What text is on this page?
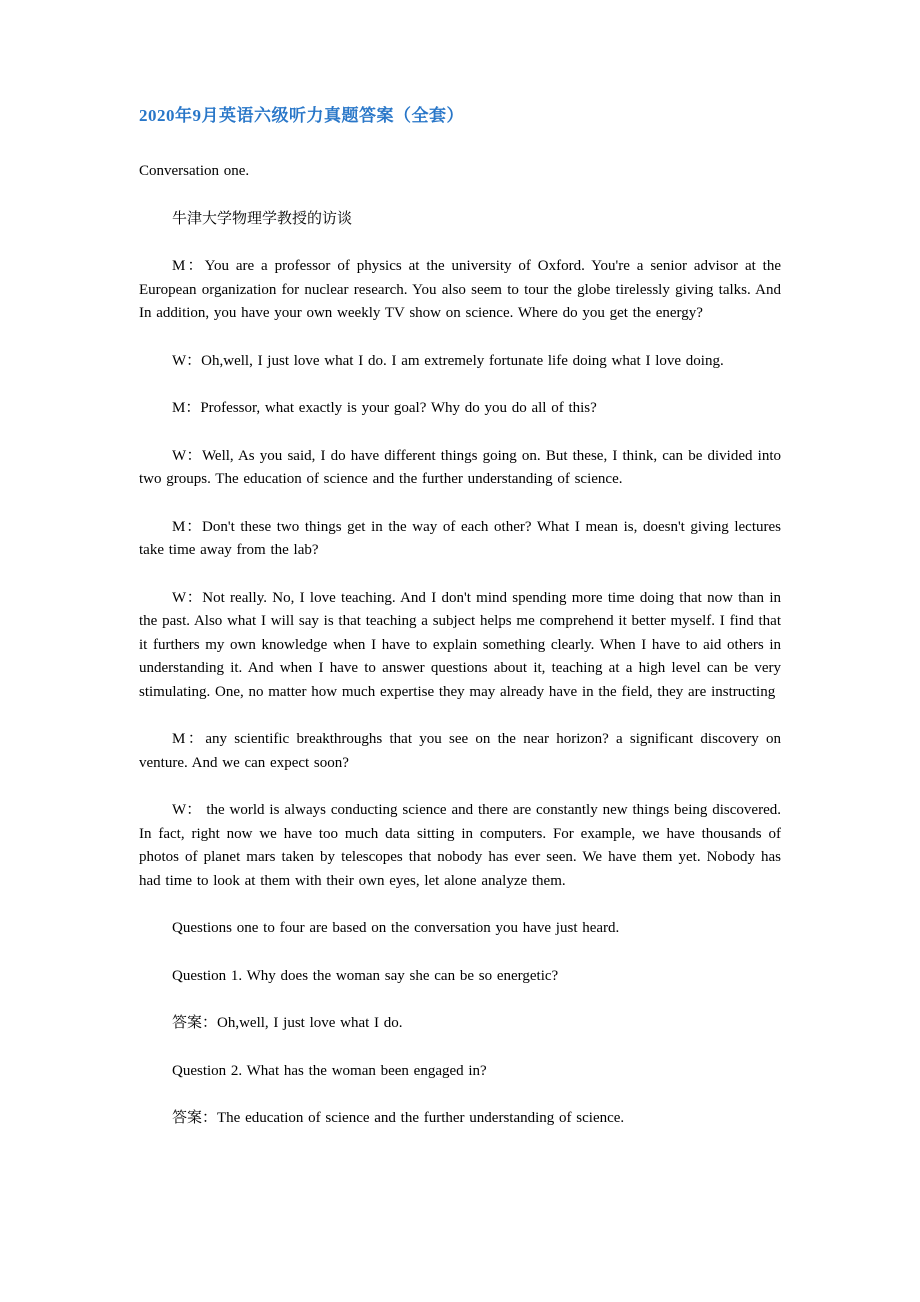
2020年9月英语六级听力真题答案（全套）

Conversation one.

牛津大学物理学教授的访谈

M：You are a professor of physics at the university of Oxford. You're a senior advisor at the European organization for nuclear research. You also seem to tour the globe tirelessly giving talks. And In addition, you have your own weekly TV show on science. Where do you get the energy?

W：Oh,well, I just love what I do. I am extremely fortunate life doing what I love doing.

M：Professor, what exactly is your goal? Why do you do all of this?

W：Well, As you said, I do have different things going on. But these, I think, can be divided into two groups. The education of science and the further understanding of science.

M：Don't these two things get in the way of each other? What I mean is, doesn't giving lectures take time away from the lab?

W：Not really. No, I love teaching. And I don't mind spending more time doing that now than in the past. Also what I will say is that teaching a subject helps me comprehend it better myself. I find that it furthers my own knowledge when I have to explain something clearly. When I have to aid others in understanding it. And when I have to answer questions about it, teaching at a high level can be very stimulating. One, no matter how much expertise they may already have in the field, they are instructing

M：any scientific breakthroughs that you see on the near horizon? a significant discovery on venture. And we can expect soon?

W： the world is always conducting science and there are constantly new things being discovered. In fact, right now we have too much data sitting in computers. For example, we have thousands of photos of planet mars taken by telescopes that nobody has ever seen. We have them yet. Nobody has had time to look at them with their own eyes, let alone analyze them.

Questions one to four are based on the conversation you have just heard.

Question 1. Why does the woman say she can be so energetic?

答案：Oh,well, I just love what I do.

Question 2. What has the woman been engaged in?

答案：The education of science and the further understanding of science.
